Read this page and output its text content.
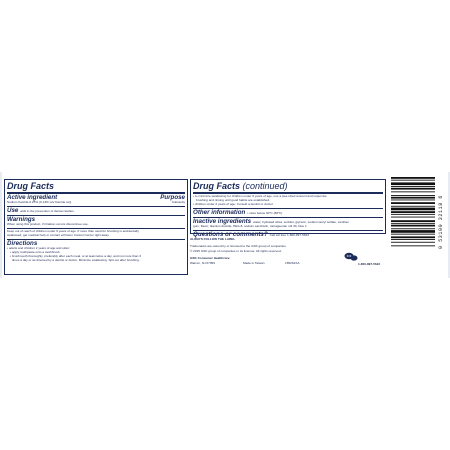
Drug Facts
Active ingredient	Purpose
Sodium fluoride 0.25% (0.13% w/v fluoride ion)	Anticavity
Use aids in the prevention of dental cavities.
Warnings
When using this product, if irritation occurs discontinue use.
Keep out of reach of children under 6 years of age. If more than used for brushing is accidentally
swallowed, get medical help or contact a Poison Control Center right away.
Directions
• adults and children 2 years of age and older:
• apply toothpaste onto a toothbrush
• brush teeth thoroughly, preferably after each meal, or at least twice a day, and not more than 3
times a day or as directed by a dentist or doctor. Minimize swallowing. Spit out after brushing.
Drug Facts (continued)
• to minimize swallowing for children under 6 years of age, use a pea-sized amount and supervise
brushing and rinsing until good habits are established.
• children under 2 years of age: Consult a dentist or doctor.
Other information • store below 30°C (86°F)
Inactive ingredients water, hydrated silica, sorbitol, glycerin, sodium lauryl sulfate, xanthan
gum, flavor, titanium dioxide, PEG-8, sodium saccharin, carrageenan mtl 30, blue 1
Questions or comments? Call toll-free 1-800-897-5623
ALWAYS FOLLOW THE LABEL
Trademarks are owned by or licensed to the GSK group of companies.
© 2015 GSK group of companies or its licensor. All rights reserved.
GSK Consumer Healthcare
Warren, NJ 07059	Made in Taiwan	185262XA	1-800-897-5623
0 53100 32118 6
